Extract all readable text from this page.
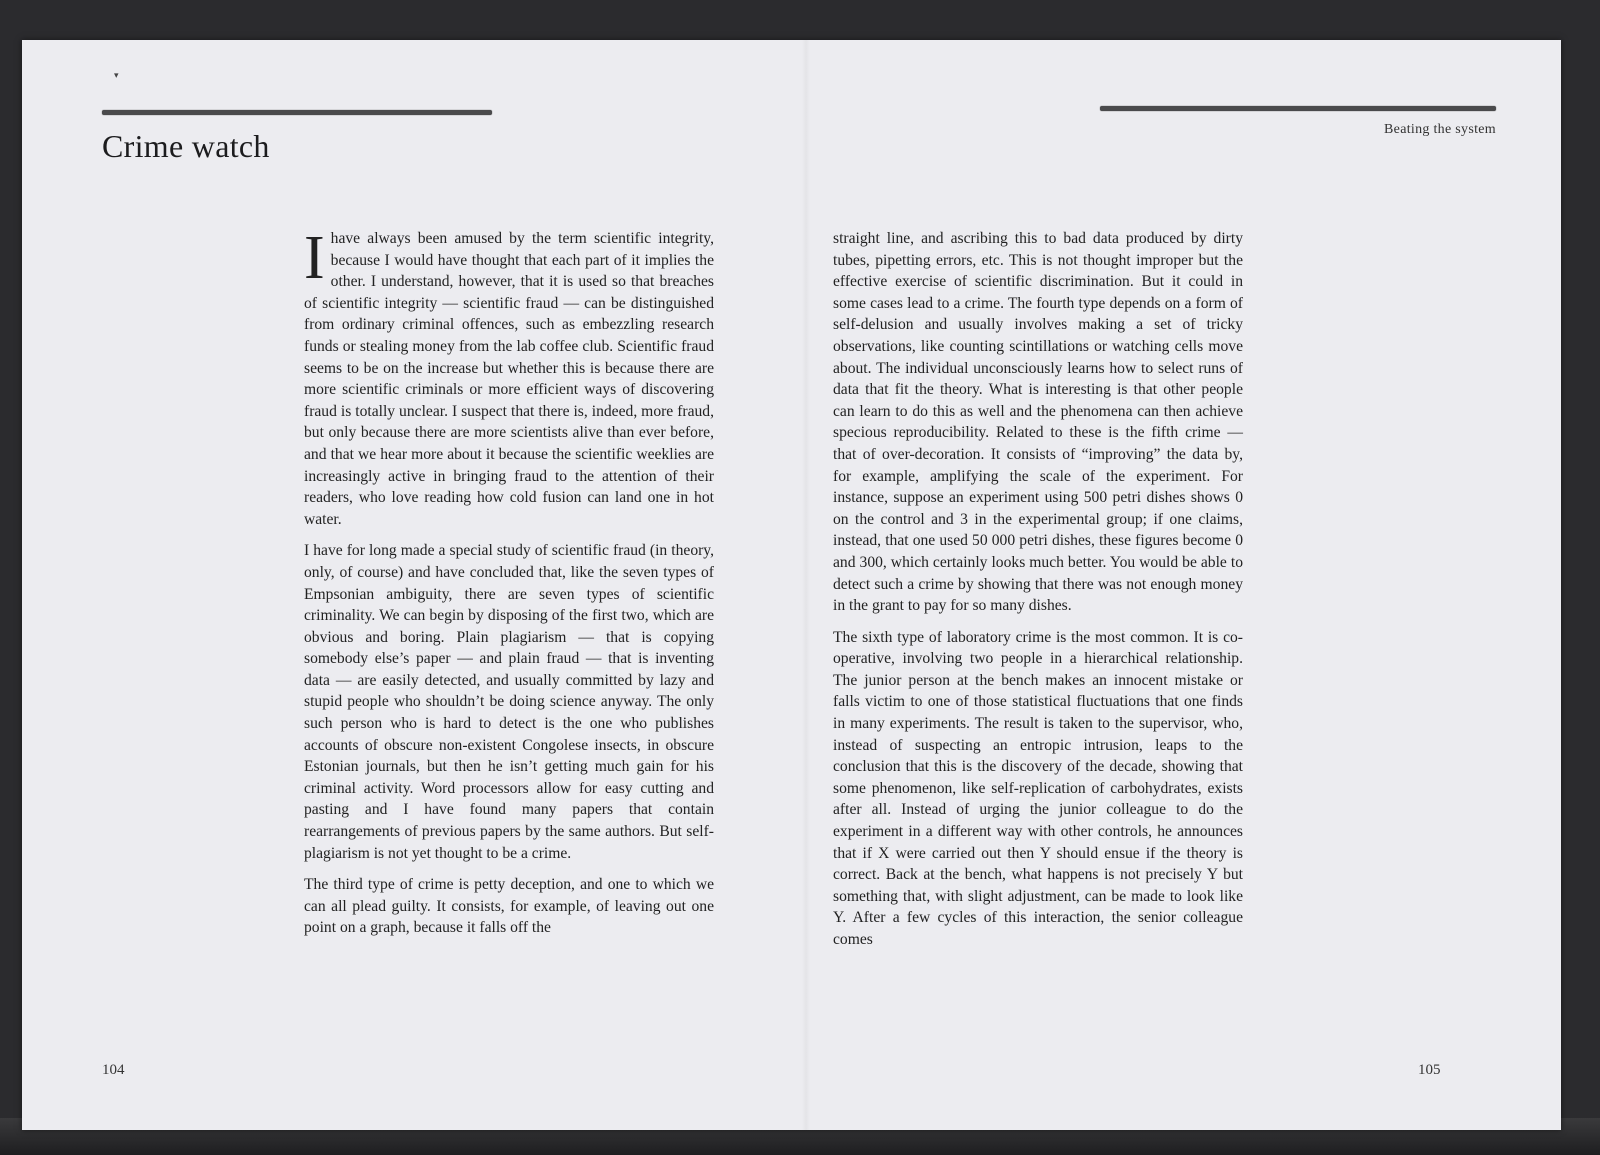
▾
Crime watch	Beating the system

Ihave always been amused by the term scientific integrity, because I would have thought that each part of it implies the other. I understand, however, that it is used so that breaches of scientific integrity — scientific fraud — can be distinguished from ordinary criminal offences, such as embezzling research funds or stealing money from the lab coffee club. Scientific fraud seems to be on the increase but whether this is because there are more scientific criminals or more efficient ways of discovering fraud is totally unclear. I suspect that there is, indeed, more fraud, but only because there are more scientists alive than ever before, and that we hear more about it because the scientific weeklies are increasingly active in bringing fraud to the attention of their readers, who love reading how cold fusion can land one in hot water.

I have for long made a special study of scientific fraud (in theory, only, of course) and have concluded that, like the seven types of Empsonian ambiguity, there are seven types of scientific criminality. We can begin by disposing of the first two, which are obvious and boring. Plain plagiarism — that is copying somebody else’s paper — and plain fraud — that is inventing data — are easily detected, and usually committed by lazy and stupid people who shouldn’t be doing science anyway. The only such person who is hard to detect is the one who publishes accounts of obscure non-existent Congolese insects, in obscure Estonian journals, but then he isn’t getting much gain for his criminal activity. Word processors allow for easy cutting and pasting and I have found many papers that contain rearrangements of previous papers by the same authors. But self-plagiarism is not yet thought to be a crime.

The third type of crime is petty deception, and one to which we can all plead guilty. It consists, for example, of leaving out one point on a graph, because it falls off the

straight line, and ascribing this to bad data produced by dirty tubes, pipetting errors, etc. This is not thought improper but the effective exercise of scientific discrimination. But it could in some cases lead to a crime. The fourth type depends on a form of self-delusion and usually involves making a set of tricky observations, like counting scintillations or watching cells move about. The individual unconsciously learns how to select runs of data that fit the theory. What is interesting is that other people can learn to do this as well and the phenomena can then achieve specious reproducibility. Related to these is the fifth crime — that of over-decoration. It consists of “improving” the data by, for example, amplifying the scale of the experiment. For instance, suppose an experiment using 500 petri dishes shows 0 on the control and 3 in the experimental group; if one claims, instead, that one used 50 000 petri dishes, these figures become 0 and 300, which certainly looks much better. You would be able to detect such a crime by showing that there was not enough money in the grant to pay for so many dishes.

The sixth type of laboratory crime is the most common. It is co-operative, involving two people in a hierarchical relationship. The junior person at the bench makes an innocent mistake or falls victim to one of those statistical fluctuations that one finds in many experiments. The result is taken to the supervisor, who, instead of suspecting an entropic intrusion, leaps to the conclusion that this is the discovery of the decade, showing that some phenomenon, like self-replication of carbohydrates, exists after all. Instead of urging the junior colleague to do the experiment in a different way with other controls, he announces that if X were carried out then Y should ensue if the theory is correct. Back at the bench, what happens is not precisely Y but something that, with slight adjustment, can be made to look like Y. After a few cycles of this interaction, the senior colleague comes

104	105
